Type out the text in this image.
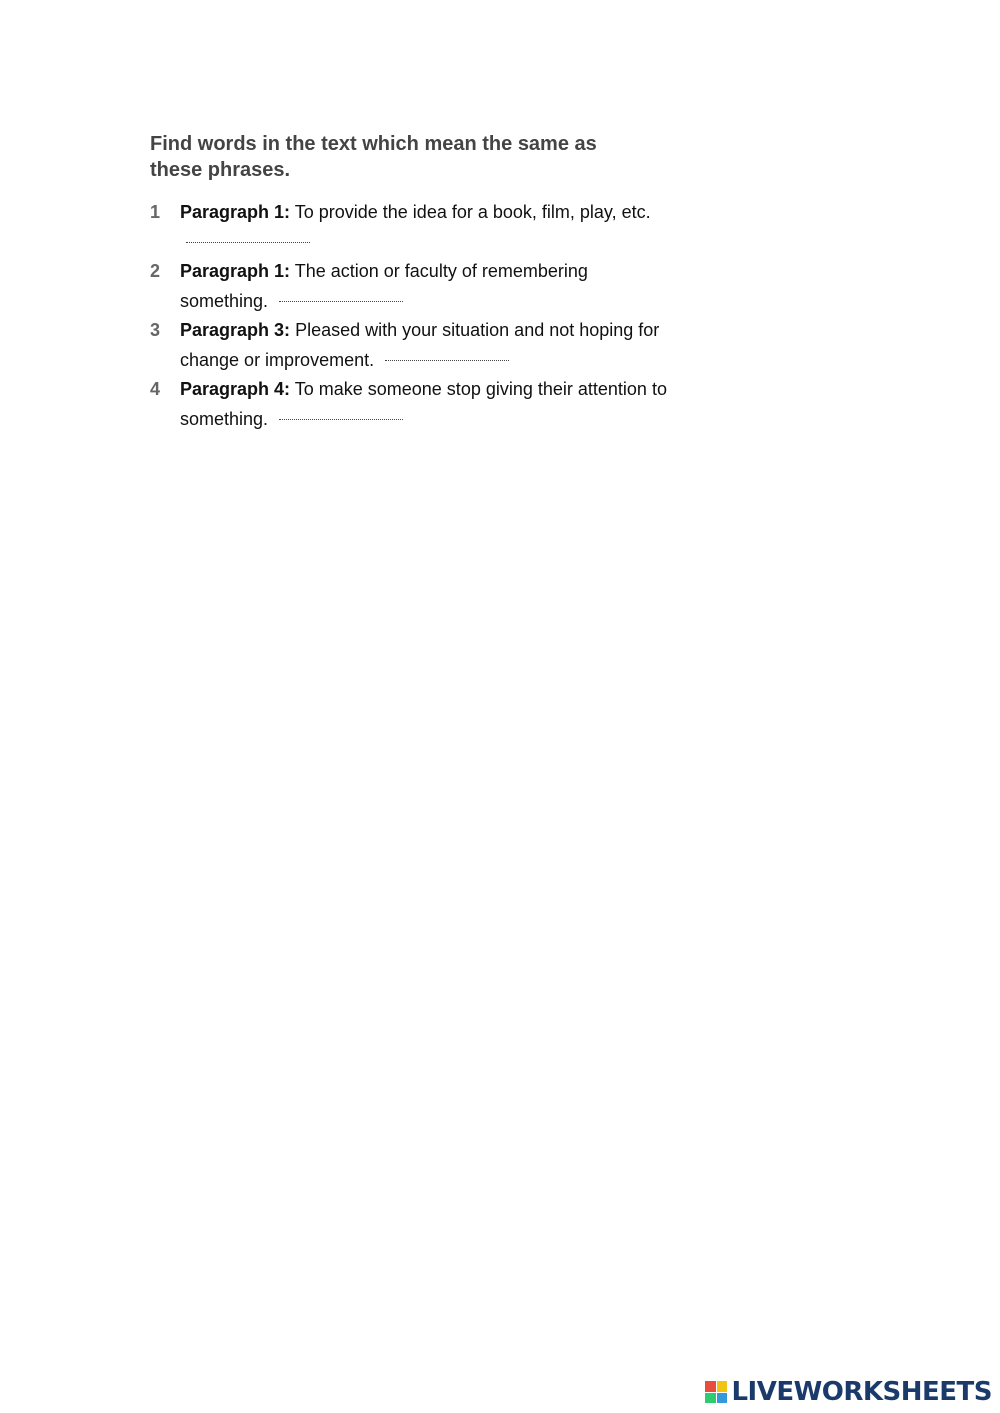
Find words in the text which mean the same as these phrases.

1	Paragraph 1: To provide the idea for a book, film, play, etc.
2	Paragraph 1: The action or faculty of remembering something.
3	Paragraph 3: Pleased with your situation and not hoping for change or improvement.
4	Paragraph 4: To make someone stop giving their attention to something.
LIVEWORKSHEETS
